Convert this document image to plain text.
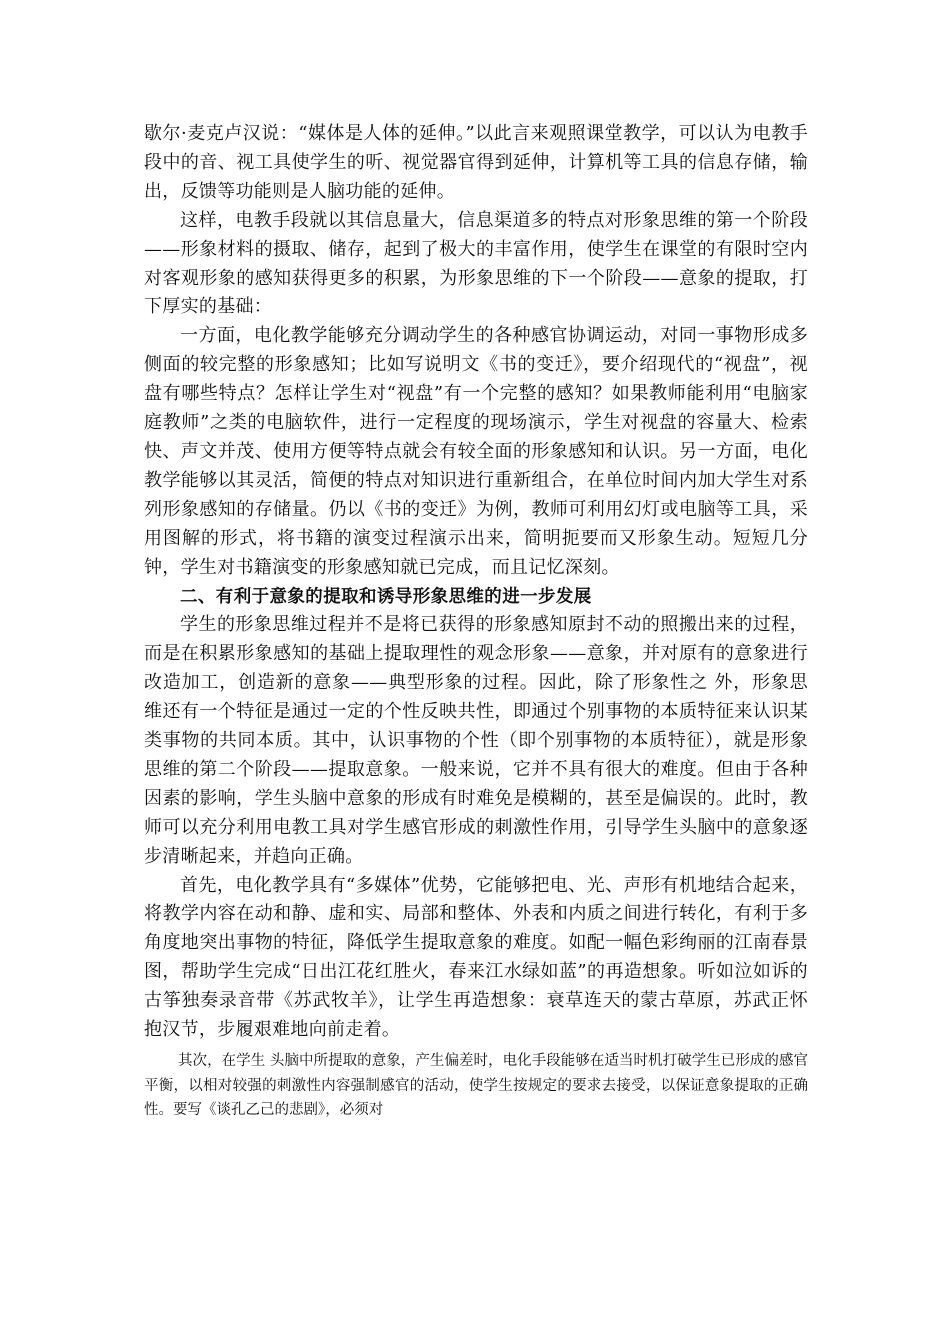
歇尔·麦克卢汉说：“媒体是人体的延伸。”以此言来观照课堂教学，可以认为电教手段中的音、视工具使学生的听、视觉器官得到延伸，计算机等工具的信息存储，输出，反馈等功能则是人脑功能的延伸。

这样，电教手段就以其信息量大，信息渠道多的特点对形象思维的第一个阶段——形象材料的摄取、储存，起到了极大的丰富作用，使学生在课堂的有限时空内对客观形象的感知获得更多的积累，为形象思维的下一个阶段——意象的提取，打下厚实的基础：

一方面，电化教学能够充分调动学生的各种感官协调运动，对同一事物形成多侧面的较完整的形象感知；比如写说明文《书的变迁》，要介绍现代的“视盘”，视盘有哪些特点？怎样让学生对“视盘”有一个完整的感知？如果教师能利用“电脑家庭教师”之类的电脑软件，进行一定程度的现场演示，学生对视盘的容量大、检索快、声文并茂、使用方便等特点就会有较全面的形象感知和认识。另一方面，电化教学能够以其灵活，简便的特点对知识进行重新组合，在单位时间内加大学生对系列形象感知的存储量。仍以《书的变迁》为例，教师可利用幻灯或电脑等工具，采用图解的形式，将书籍的演变过程演示出来，简明扼要而又形象生动。短短几分钟，学生对书籍演变的形象感知就已完成，而且记忆深刻。

二、有利于意象的提取和诱导形象思维的进一步发展

学生的形象思维过程并不是将已获得的形象感知原封不动的照搬出来的过程，而是在积累形象感知的基础上提取理性的观念形象——意象，并对原有的意象进行改造加工，创造新的意象——典型形象的过程。因此，除了形象性之 外，形象思维还有一个特征是通过一定的个性反映共性，即通过个别事物的本质特征来认识某类事物的共同本质。其中，认识事物的个性（即个别事物的本质特征），就是形象思维的第二个阶段——提取意象。一般来说，它并不具有很大的难度。但由于各种因素的影响，学生头脑中意象的形成有时难免是模糊的，甚至是偏误的。此时，教师可以充分利用电教工具对学生感官形成的刺激性作用，引导学生头脑中的意象逐步清晰起来，并趋向正确。

首先，电化教学具有“多媒体”优势，它能够把电、光、声形有机地结合起来，将教学内容在动和静、虚和实、局部和整体、外表和内质之间进行转化，有利于多角度地突出事物的特征，降低学生提取意象的难度。如配一幅色彩绚丽的江南春景图，帮助学生完成“日出江花红胜火，春来江水绿如蓝”的再造想象。听如泣如诉的古筝独奏录音带《苏武牧羊》，让学生再造想象：衰草连天的蒙古草原，苏武正怀抱汉节，步履艰难地向前走着。

其次，在学生 头脑中所提取的意象，产生偏差时，电化手段能够在适当时机打破学生已形成的感官平衡，以相对较强的刺激性内容强制感官的活动，使学生按规定的要求去接受，以保证意象提取的正确性。要写《谈孔乙己的悲剧》，必须对
